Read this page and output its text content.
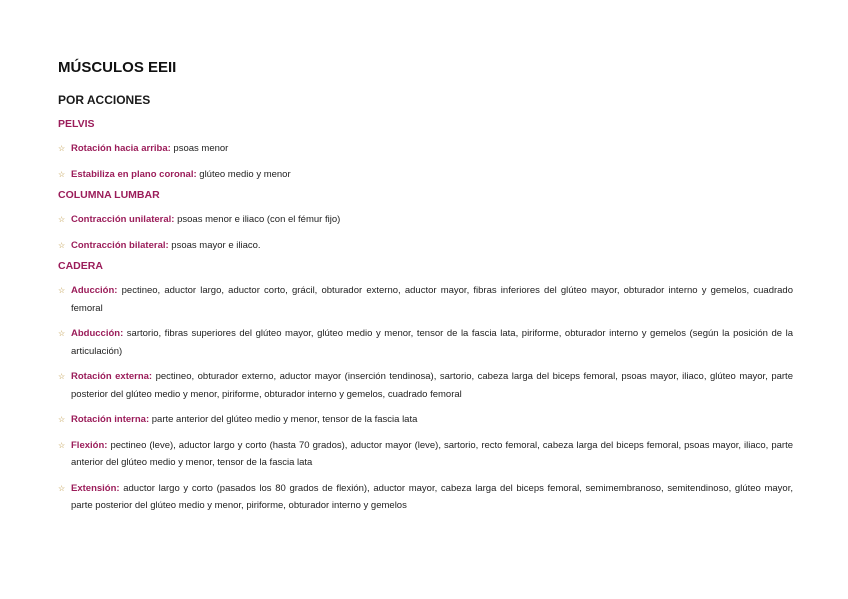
MÚSCULOS EEII
POR ACCIONES
PELVIS
☆ Rotación hacia arriba: psoas menor
☆ Estabiliza en plano coronal: glúteo medio y menor
COLUMNA LUMBAR
☆ Contracción unilateral: psoas menor e iliaco (con el fémur fijo)
☆ Contracción bilateral: psoas mayor e iliaco.
CADERA
☆ Aducción: pectineo, aductor largo, aductor corto, grácil, obturador externo, aductor mayor, fibras inferiores del glúteo mayor, obturador interno y gemelos, cuadrado femoral
☆ Abducción: sartorio, fibras superiores del glúteo mayor, glúteo medio y menor, tensor de la fascia lata, piriforme, obturador interno y gemelos (según la posición de la articulación)
☆ Rotación externa: pectineo, obturador externo, aductor mayor (inserción tendinosa), sartorio, cabeza larga del biceps femoral, psoas mayor, iliaco, glúteo mayor, parte posterior del glúteo medio y menor, piriforme, obturador interno y gemelos, cuadrado femoral
☆ Rotación interna: parte anterior del glúteo medio y menor, tensor de la fascia lata
☆ Flexión: pectineo (leve), aductor largo y corto (hasta 70 grados), aductor mayor (leve), sartorio, recto femoral, cabeza larga del biceps femoral, psoas mayor, iliaco, parte anterior del glúteo medio y menor, tensor de la fascia lata
☆ Extensión: aductor largo y corto (pasados los 80 grados de flexión), aductor mayor, cabeza larga del biceps femoral, semimembranoso, semitendinoso, glúteo mayor, parte posterior del glúteo medio y menor, piriforme, obturador interno y gemelos
